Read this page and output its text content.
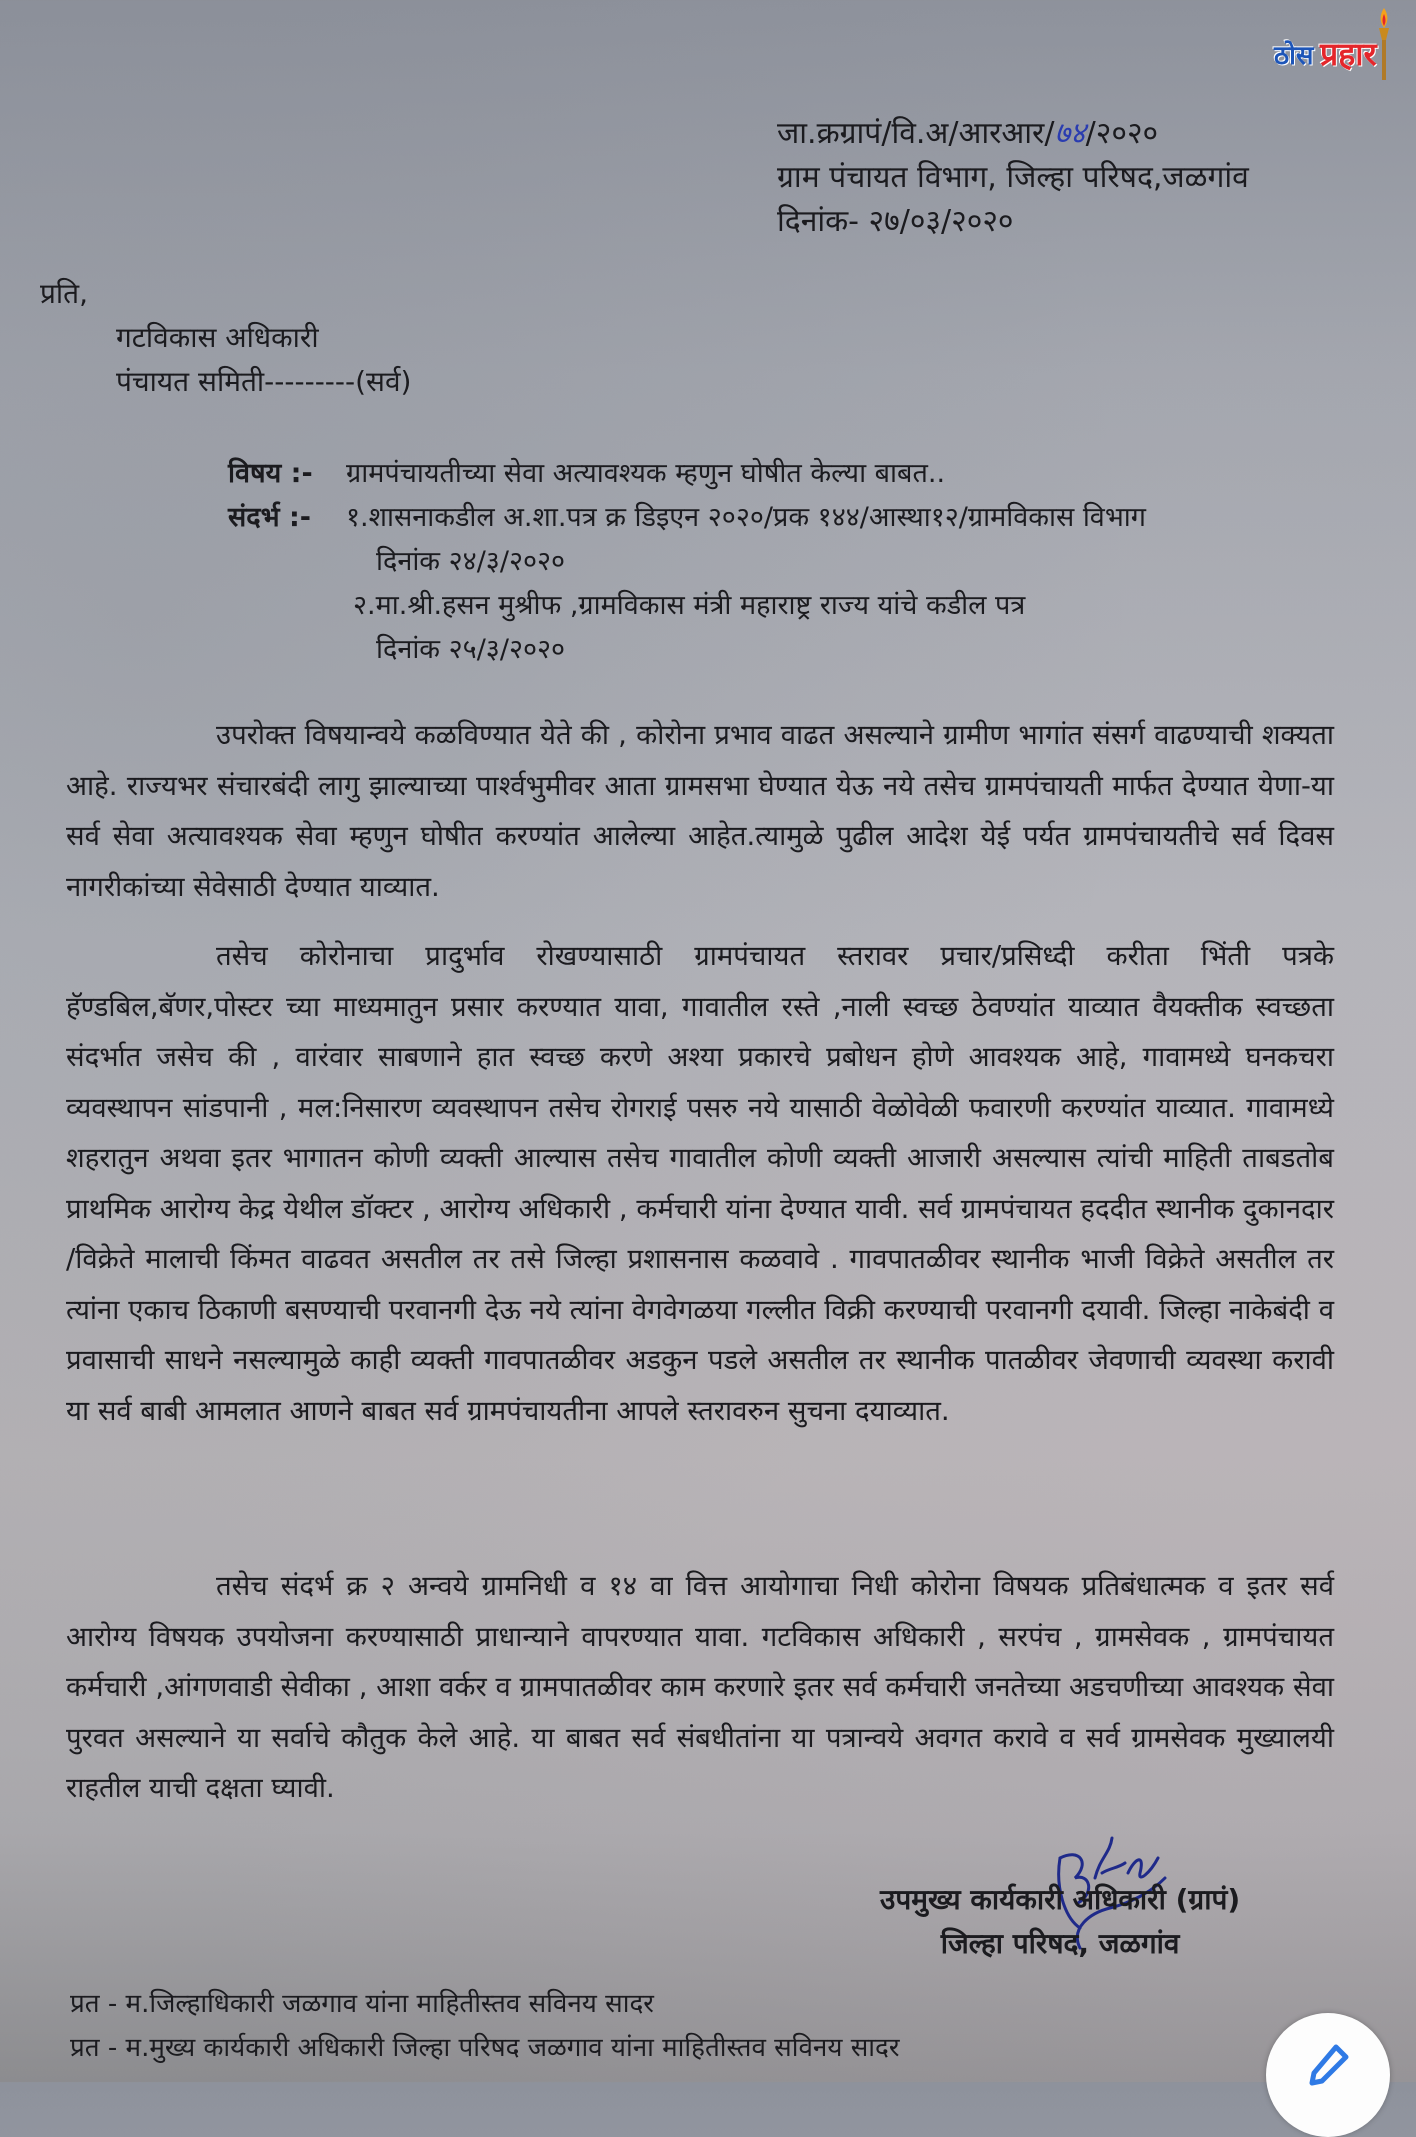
ठोस प्रहार
जा.क्रग्रापं/वि.अ/आरआर/७४/२०२०
ग्राम पंचायत विभाग, जिल्हा परिषद,जळगांव
दिनांक- २७/०३/२०२०
प्रति,
गटविकास अधिकारी
पंचायत समिती---------(सर्व)
विषय :- ग्रामपंचायतीच्या सेवा अत्यावश्यक म्हणुन घोषीत केल्या बाबत..
संदर्भ :- १.शासनाकडील अ.शा.पत्र क्र डिइएन २०२०/प्रक १४४/आस्था१२/ग्रामविकास विभाग
दिनांक २४/३/२०२०
२.मा.श्री.हसन मुश्रीफ ,ग्रामविकास मंत्री महाराष्ट्र राज्य यांचे कडील पत्र
दिनांक २५/३/२०२०
उपरोक्त विषयान्वये कळविण्यात येते की , कोरोना प्रभाव वाढत असल्याने ग्रामीण भागांत संसर्ग वाढण्याची शक्यता आहे. राज्यभर संचारबंदी लागु झाल्याच्या पार्श्वभुमीवर आता ग्रामसभा घेण्यात येऊ नये तसेच ग्रामपंचायती मार्फत देण्यात येणा-या सर्व सेवा अत्यावश्यक सेवा म्हणुन घोषीत करण्यांत आलेल्या आहेत.त्यामुळे पुढील आदेश येई पर्यत ग्रामपंचायतीचे सर्व दिवस नागरीकांच्या सेवेसाठी देण्यात याव्यात.
तसेच कोरोनाचा प्रादुर्भाव रोखण्यासाठी ग्रामपंचायत स्तरावर प्रचार/प्रसिध्दी करीता भिंती पत्रके हॅण्डबिल,बॅणर,पोस्टर च्या माध्यमातुन प्रसार करण्यात यावा, गावातील रस्ते ,नाली स्वच्छ ठेवण्यांत याव्यात वैयक्तीक स्वच्छता संदर्भात जसेच की , वारंवार साबणाने हात स्वच्छ करणे अश्या प्रकारचे प्रबोधन होणे आवश्यक आहे, गावामध्ये घनकचरा व्यवस्थापन सांडपानी , मल:निसारण व्यवस्थापन तसेच रोगराई पसरु नये यासाठी वेळोवेळी फवारणी करण्यांत याव्यात. गावामध्ये शहरातुन अथवा इतर भागातन कोणी व्यक्ती आल्यास तसेच गावातील कोणी व्यक्ती आजारी असल्यास त्यांची माहिती ताबडतोब प्राथमिक आरोग्य केद्र येथील डॉक्टर , आरोग्य अधिकारी , कर्मचारी यांना देण्यात यावी. सर्व ग्रामपंचायत हददीत स्थानीक दुकानदार /विक्रेते मालाची किंमत वाढवत असतील तर तसे जिल्हा प्रशासनास कळवावे . गावपातळीवर स्थानीक भाजी विक्रेते असतील तर त्यांना एकाच ठिकाणी बसण्याची परवानगी देऊ नये त्यांना वेगवेगळया गल्लीत विक्री करण्याची परवानगी दयावी. जिल्हा नाकेबंदी व प्रवासाची साधने नसल्यामुळे काही व्यक्ती गावपातळीवर अडकुन पडले असतील तर स्थानीक पातळीवर जेवणाची व्यवस्था करावी या सर्व बाबी आमलात आणने बाबत सर्व ग्रामपंचायतीना आपले स्तरावरुन सुचना दयाव्यात.
तसेच संदर्भ क्र २ अन्वये ग्रामनिधी व १४ वा वित्त आयोगाचा निधी कोरोना विषयक प्रतिबंधात्मक व इतर सर्व आरोग्य विषयक उपयोजना करण्यासाठी प्राधान्याने वापरण्यात यावा. गटविकास अधिकारी , सरपंच , ग्रामसेवक , ग्रामपंचायत कर्मचारी ,आंगणवाडी सेवीका , आशा वर्कर व ग्रामपातळीवर काम करणारे इतर सर्व कर्मचारी जनतेच्या अडचणीच्या आवश्यक सेवा पुरवत असल्याने या सर्वाचे कौतुक केले आहे. या बाबत सर्व संबधीतांना या पत्रान्वये अवगत करावे व सर्व ग्रामसेवक मुख्यालयी राहतील याची दक्षता घ्यावी.
उपमुख्य कार्यकारी अधिकारी (ग्रापं)
जिल्हा परिषद, जळगांव
प्रत - म.जिल्हाधिकारी जळगाव यांना माहितीस्तव सविनय सादर
प्रत - म.मुख्य कार्यकारी अधिकारी जिल्हा परिषद जळगाव यांना माहितीस्तव सविनय सादर
